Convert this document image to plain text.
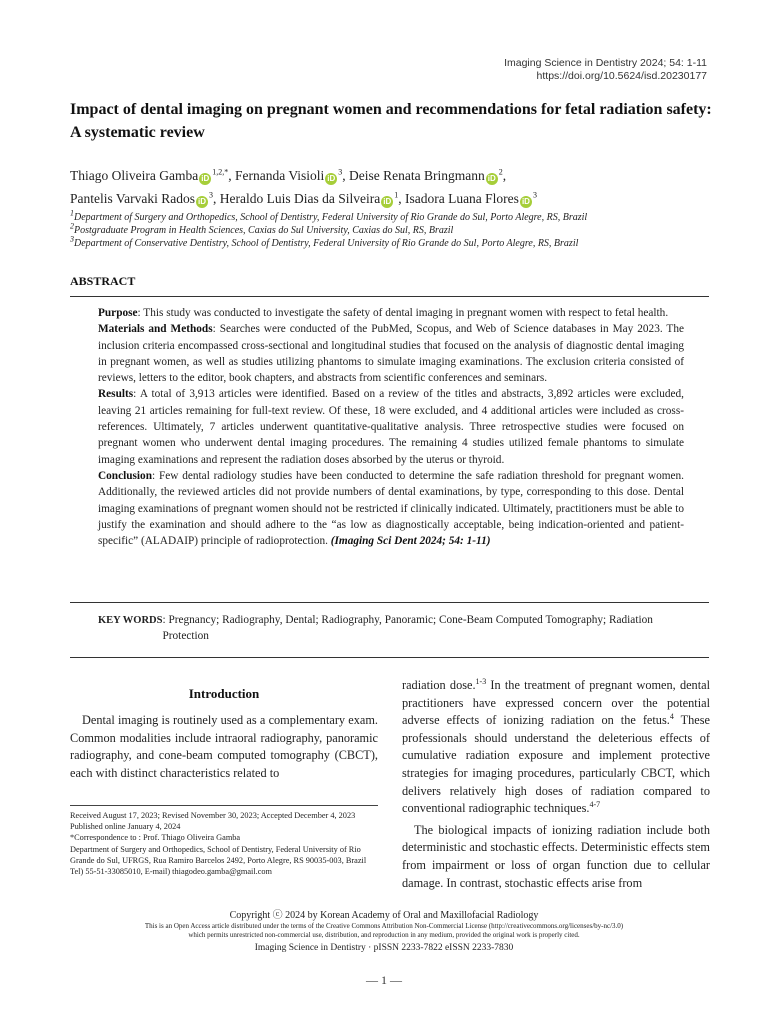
Imaging Science in Dentistry 2024; 54: 1-11
https://doi.org/10.5624/isd.20230177
Impact of dental imaging on pregnant women and recommendations for fetal radiation safety: A systematic review
Thiago Oliveira Gamba $iD^{1,2,*}$, Fernanda Visioli $iD^3$, Deise Renata Bringmann $iD^2$,
Pantelis Varvaki Rados $iD^3$, Heraldo Luis Dias da Silveira $iD^1$, Isadora Luana Flores $iD^3$
$^1$Department of Surgery and Orthopedics, School of Dentistry, Federal University of Rio Grande do Sul, Porto Alegre, RS, Brazil
$^2$Postgraduate Program in Health Sciences, Caxias do Sul University, Caxias do Sul, RS, Brazil
$^3$Department of Conservative Dentistry, School of Dentistry, Federal University of Rio Grande do Sul, Porto Alegre, RS, Brazil
ABSTRACT

Purpose: This study was conducted to investigate the safety of dental imaging in pregnant women with respect to fetal health.

Materials and Methods: Searches were conducted of the PubMed, Scopus, and Web of Science databases in May 2023. The inclusion criteria encompassed cross-sectional and longitudinal studies that focused on the analysis of diagnostic dental imaging in pregnant women, as well as studies utilizing phantoms to simulate imaging examinations. The exclusion criteria consisted of reviews, letters to the editor, book chapters, and abstracts from scientific conferences and seminars.

Results: A total of 3,913 articles were identified. Based on a review of the titles and abstracts, 3,892 articles were excluded, leaving 21 articles remaining for full-text review. Of these, 18 were excluded, and 4 additional articles were included as cross-references. Ultimately, 7 articles underwent quantitative-qualitative analysis. Three retrospective studies were focused on pregnant women who underwent dental imaging procedures. The remaining 4 studies utilized female phantoms to simulate imaging examinations and represent the radiation doses absorbed by the uterus or thyroid.

Conclusion: Few dental radiology studies have been conducted to determine the safe radiation threshold for pregnant women. Additionally, the reviewed articles did not provide numbers of dental examinations, by type, corresponding to this dose. Dental imaging examinations of pregnant women should not be restricted if clinically indicated. Ultimately, practitioners must be able to justify the examination and should adhere to the “as low as diagnostically acceptable, being indication-oriented and patient-specific” (ALADAIP) principle of radioprotection. (Imaging Sci Dent 2024; 54: 1-11)

KEY WORDS: Pregnancy; Radiography, Dental; Radiography, Panoramic; Cone-Beam Computed Tomography; Radiation Protection
Introduction

Dental imaging is routinely used as a complementary exam. Common modalities include intraoral radiography, panoramic radiography, and cone-beam computed tomography (CBCT), each with distinct characteristics related to

radiation dose.$^{1-3}$ In the treatment of pregnant women, dental practitioners have expressed concern over the potential adverse effects of ionizing radiation on the fetus.$^4$ These professionals should understand the deleterious effects of cumulative radiation exposure and implement protective strategies for imaging procedures, particularly CBCT, which delivers relatively high doses of radiation compared to conventional radiographic techniques.$^{4-7}$

The biological impacts of ionizing radiation include both deterministic and stochastic effects. Deterministic effects stem from impairment or loss of organ function due to cellular damage. In contrast, stochastic effects arise from

Received August 17, 2023; Revised November 30, 2023; Accepted December 4, 2023

Published online January 4, 2024

*Correspondence to : Prof. Thiago Oliveira Gamba

Department of Surgery and Orthopedics, School of Dentistry, Federal University of Rio Grande do Sul, UFRGS, Rua Ramiro Barcelos 2492, Porto Alegre, RS 90035-003, Brazil

Tel) 55-51-33085010, E-mail) thiagodeo.gamba@gmail.com

Copyright ⓒ 2024 by Korean Academy of Oral and Maxillofacial Radiology
This is an Open Access article distributed under the terms of the Creative Commons Attribution Non-Commercial License (http://creativecommons.org/licenses/by-nc/3.0)
which permits unrestricted non-commercial use, distribution, and reproduction in any medium, provided the original work is properly cited.
Imaging Science in Dentistry · pISSN 2233-7822 eISSN 2233-7830
— 1 —
